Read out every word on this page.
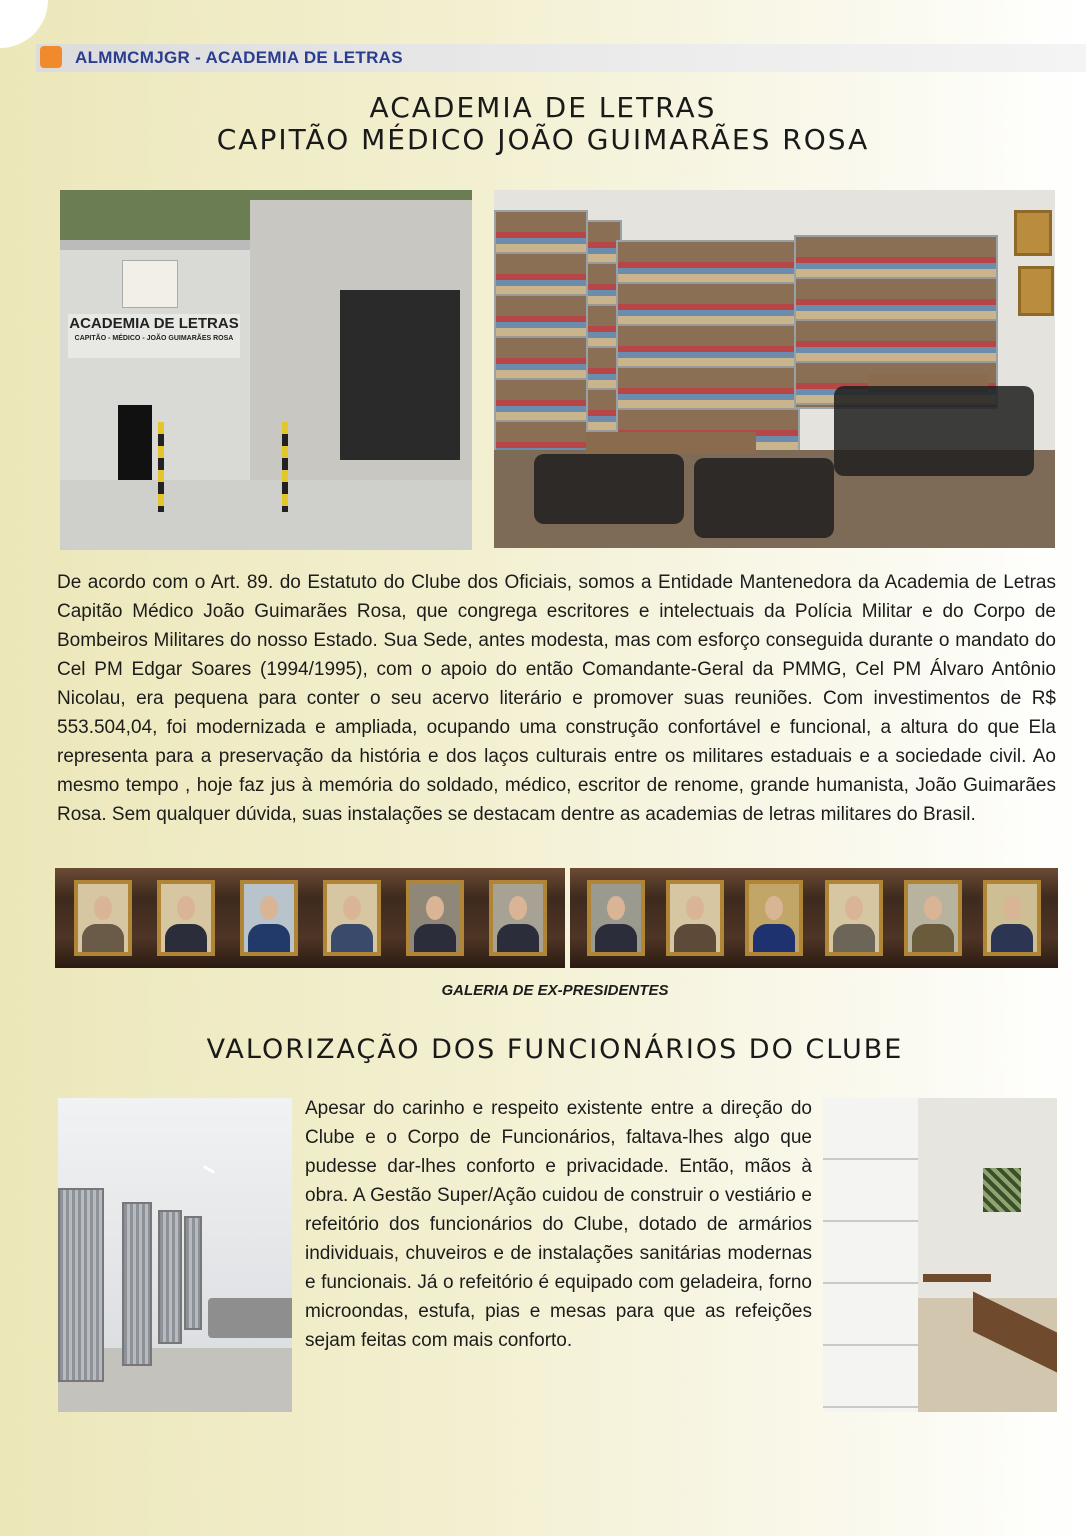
ALMMCMJGR - ACADEMIA DE LETRAS
ACADEMIA DE LETRAS
CAPITÃO MÉDICO JOÃO GUIMARÃES ROSA
ACADEMIA DE LETRAS
CAPITÃO - MÉDICO - JOÃO GUIMARÃES ROSA
De acordo com o Art. 89. do Estatuto do Clube dos Oficiais, somos a Entidade Mantenedora da Academia de Letras Capitão Médico João Guimarães Rosa, que congrega escritores e intelectuais da Polícia Militar e do Corpo de Bombeiros Militares do nosso Estado. Sua Sede, antes modesta, mas com esforço conseguida durante o mandato do Cel PM Edgar Soares (1994/1995), com o apoio do então Comandante-Geral da PMMG, Cel PM Álvaro Antônio Nicolau, era pequena para conter o seu acervo literário e promover suas reuniões. Com investimentos de R$ 553.504,04, foi modernizada e ampliada, ocupando uma construção confortável e funcional, a altura do que Ela representa para a preservação da história e dos laços culturais entre os militares estaduais e a sociedade civil. Ao mesmo tempo , hoje faz jus à memória do soldado, médico, escritor de renome, grande humanista, João Guimarães Rosa. Sem qualquer dúvida, suas instalações se destacam dentre as academias de letras militares do Brasil.
GALERIA DE EX-PRESIDENTES
VALORIZAÇÃO DOS FUNCIONÁRIOS DO CLUBE
Apesar do carinho e respeito existente entre a direção do Clube e o Corpo de Funcionários, faltava-lhes algo que pudesse dar-lhes conforto e privacidade. Então, mãos à obra. A Gestão Super/Ação cuidou de construir o vestiário e refeitório dos funcionários do Clube, dotado de armários individuais, chuveiros e de instalações sanitárias modernas e funcionais. Já o refeitório é equipado com geladeira, forno microondas, estufa, pias e mesas para que as refeições sejam feitas com mais conforto.
